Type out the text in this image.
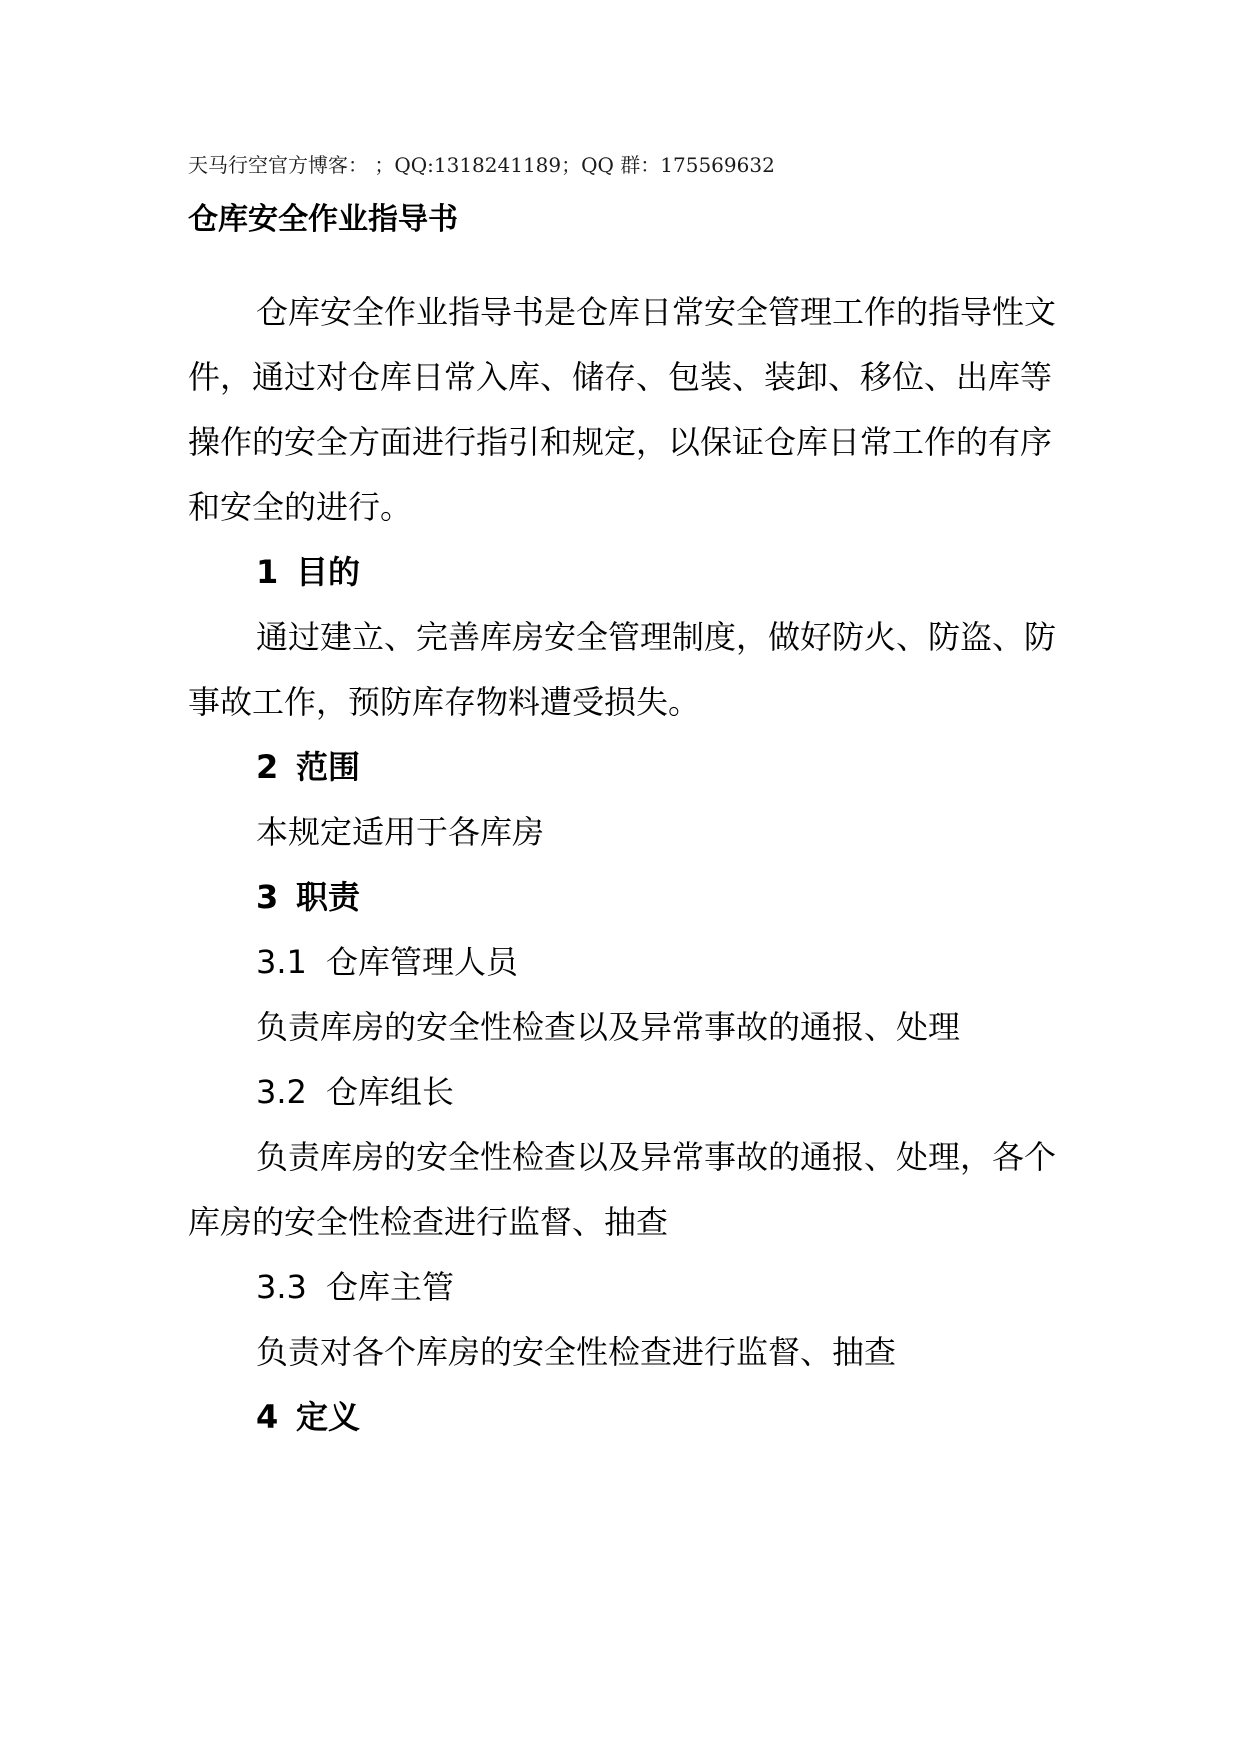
天马行空官方博客： ；QQ:1318241189；QQ 群：175569632
仓库安全作业指导书

仓库安全作业指导书是仓库日常安全管理工作的指导性文件，通过对仓库日常入库、储存、包装、装卸、移位、出库等操作的安全方面进行指引和规定，以保证仓库日常工作的有序和安全的进行。

1 目的

通过建立、完善库房安全管理制度，做好防火、防盗、防事故工作，预防库存物料遭受损失。

2 范围

本规定适用于各库房

3 职责

3.1 仓库管理人员

负责库房的安全性检查以及异常事故的通报、处理

3.2 仓库组长

负责库房的安全性检查以及异常事故的通报、处理，各个库房的安全性检查进行监督、抽查

3.3 仓库主管

负责对各个库房的安全性检查进行监督、抽查

4 定义
